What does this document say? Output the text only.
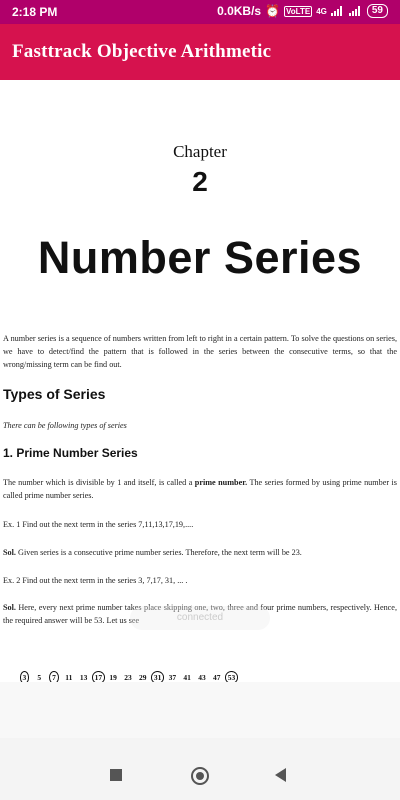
2:18 PM	0.0KB/s ⏰ VoLTE 4G	59
Fasttrack Objective Arithmetic
Chapter
2
Number Series
A number series is a sequence of numbers written from left to right in a certain pattern. To solve the questions on series, we have to detect/find the pattern that is followed in the series between the consecutive terms, so that the wrong/missing term can be find out.
Types of Series
There can be following types of series
1. Prime Number Series
The number which is divisible by 1 and itself, is called a prime number. The series formed by using prime number is called prime number series.
Ex. 1 Find out the next term in the series 7,11,13,17,19,....
Sol. Given series is a consecutive prime number series. Therefore, the next term will be 23.
Ex. 2 Find out the next term in the series 3, 7,17, 31, ... .
Sol. Here, every next prime number takes place skipping one, two, three and four prime numbers, respectively. Hence, the required answer will be 53. Let us see	connected
3	5	7	11	13 17 19 23 29 31 37 41 43 47 53
